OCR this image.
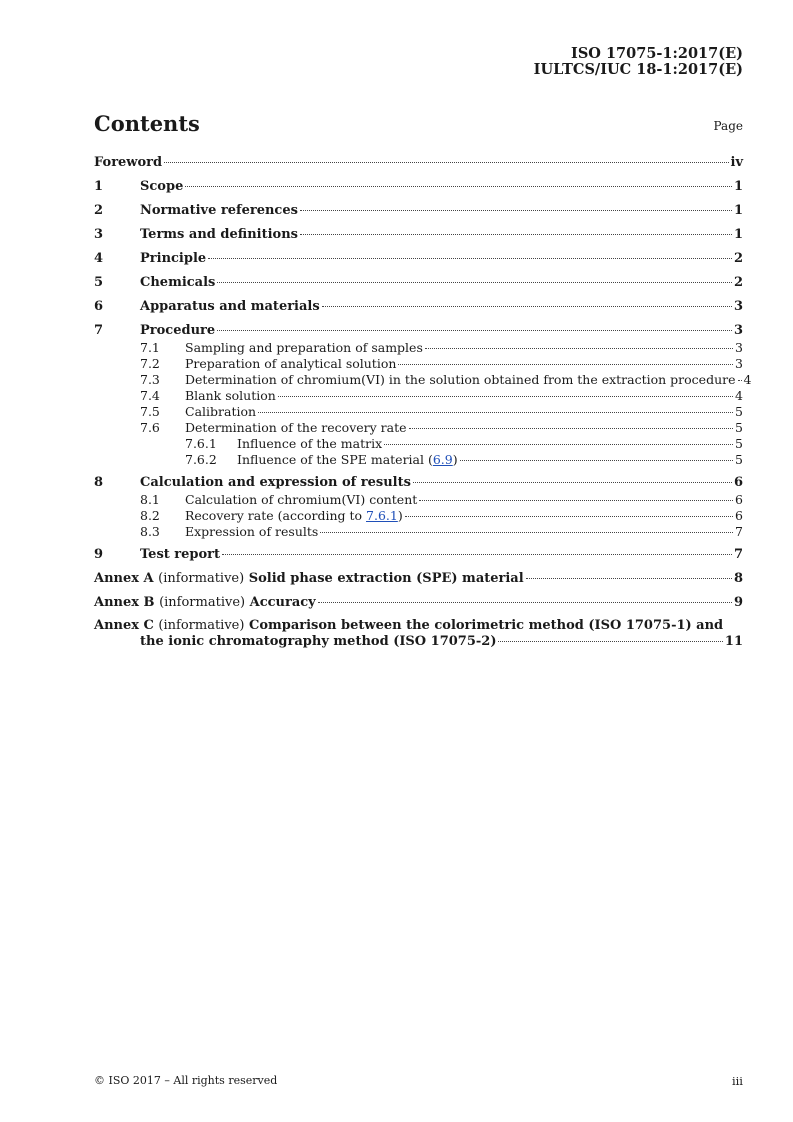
ISO 17075-1:2017(E)
IULTCS/IUC 18-1:2017(E)
Contents	Page
Foreword	iv
1	Scope	1
2	Normative references	1
3	Terms and definitions	1
4	Principle	2
5	Chemicals	2
6	Apparatus and materials	3
7	Procedure	3
7.1	Sampling and preparation of samples	3
7.2	Preparation of analytical solution	3
7.3	Determination of chromium(VI) in the solution obtained from the extraction procedure 4
7.4	Blank solution	4
7.5	Calibration	5
7.6	Determination of the recovery rate	5
7.6.1	Influence of the matrix	5
7.6.2	Influence of the SPE material (6.9)	5
8	Calculation and expression of results	6
8.1	Calculation of chromium(VI) content	6
8.2	Recovery rate (according to 7.6.1)	6
8.3	Expression of results	7
9	Test report	7
Annex A (informative) Solid phase extraction (SPE) material	8
Annex B (informative) Accuracy	9
Annex C (informative) Comparison between the colorimetric method (ISO 17075-1) and
the ionic chromatography method (ISO 17075-2)	11
© ISO 2017 – All rights reserved	iii
